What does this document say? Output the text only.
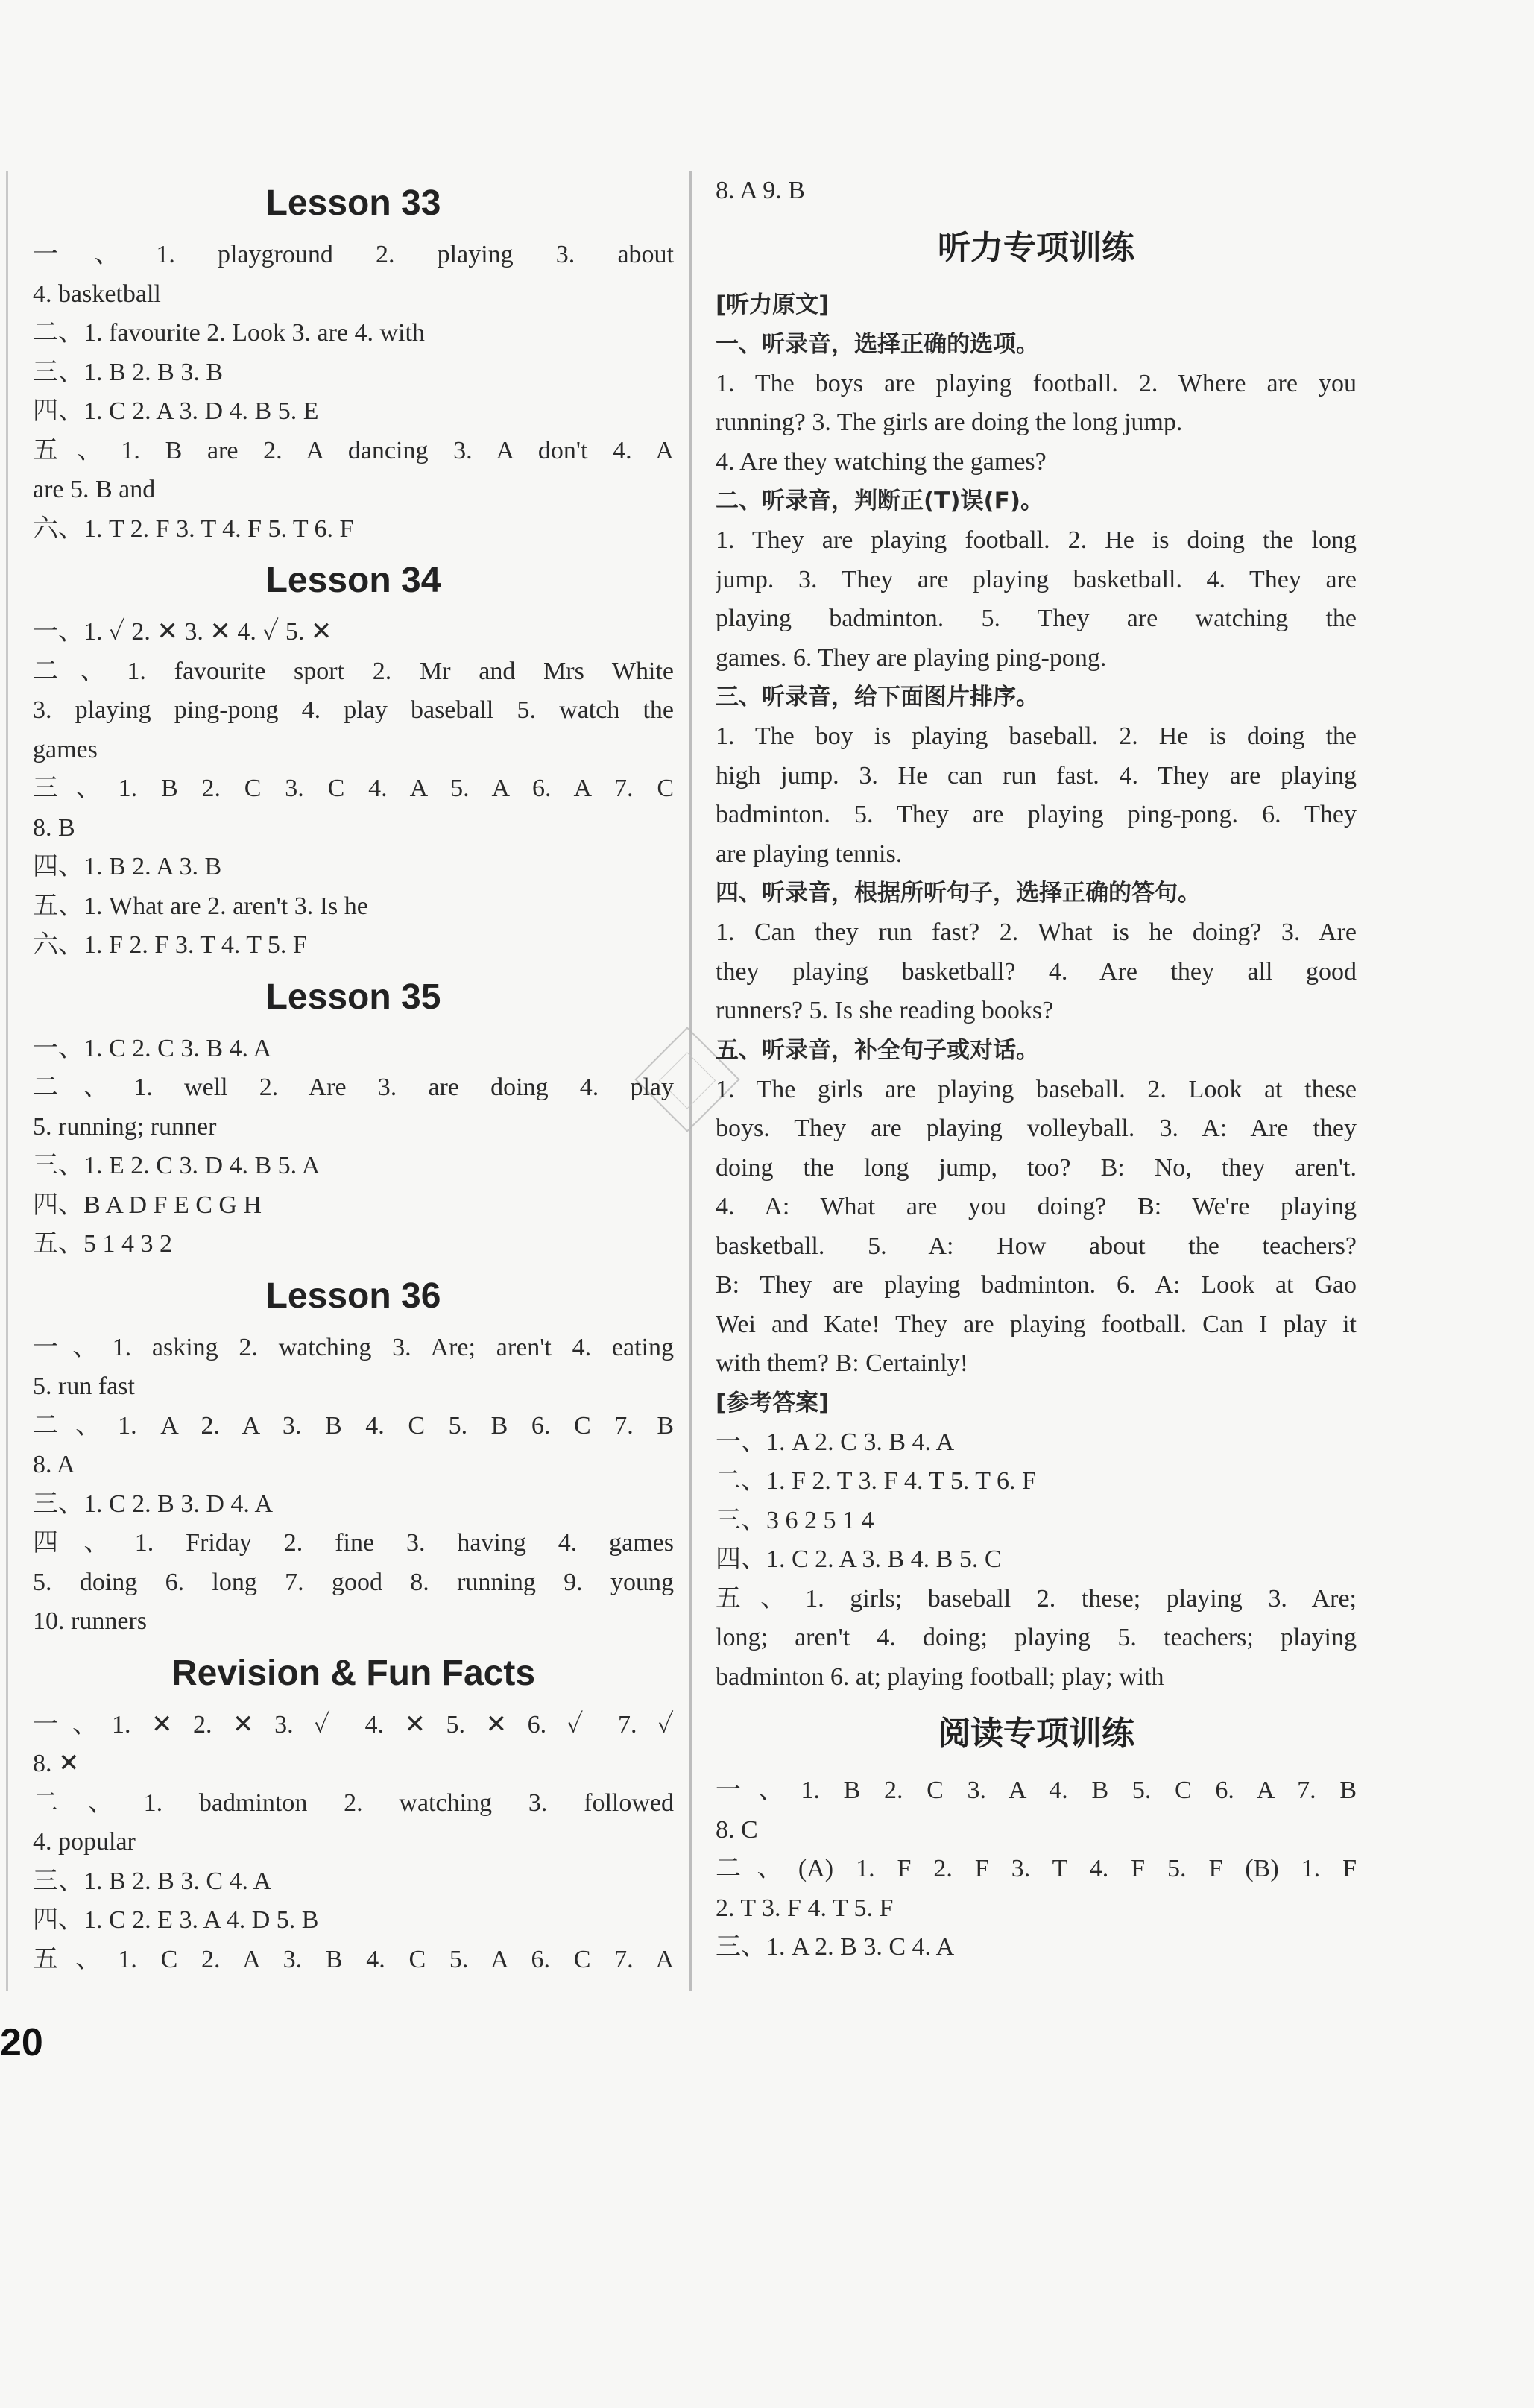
Lesson 33
一、1. playground 2. playing 3. about
4. basketball
二、1. favourite 2. Look 3. are 4. with
三、1. B 2. B 3. B
四、1. C 2. A 3. D 4. B 5. E
五、1. B are 2. A dancing 3. A don't 4. A
are 5. B and
六、1. T 2. F 3. T 4. F 5. T 6. F
Lesson 34
一、1. ✓ 2. ✕ 3. ✕ 4. ✓ 5. ✕
二、1. favourite sport 2. Mr and Mrs White
3. playing ping-pong 4. play baseball 5. watch the
games
三、1. B 2. C 3. C 4. A 5. A 6. A 7. C
8. B
四、1. B 2. A 3. B
五、1. What are 2. aren't 3. Is he
六、1. F 2. F 3. T 4. T 5. F
Lesson 35
一、1. C 2. C 3. B 4. A
二、1. well 2. Are 3. are doing 4. play
5. running; runner
三、1. E 2. C 3. D 4. B 5. A
四、B A D F E C G H
五、5 1 4 3 2
Lesson 36
一、1. asking 2. watching 3. Are; aren't 4. eating
5. run fast
二、1. A 2. A 3. B 4. C 5. B 6. C 7. B
8. A
三、1. C 2. B 3. D 4. A
四、1. Friday 2. fine 3. having 4. games
5. doing 6. long 7. good 8. running 9. young
10. runners
Revision & Fun Facts
一、1. ✕ 2. ✕ 3. ✓ 4. ✕ 5. ✕ 6. ✓ 7. ✓
8. ✕
二、1. badminton 2. watching 3. followed
4. popular
三、1. B 2. B 3. C 4. A
四、1. C 2. E 3. A 4. D 5. B
五、1. C 2. A 3. B 4. C 5. A 6. C 7. A
8. A 9. B
听力专项训练
[听力原文]
一、听录音，选择正确的选项。
1. The boys are playing football. 2. Where are you
running? 3. The girls are doing the long jump.
4. Are they watching the games?
二、听录音，判断正(T)误(F)。
1. They are playing football. 2. He is doing the long
jump. 3. They are playing basketball. 4. They are
playing badminton. 5. They are watching the
games. 6. They are playing ping-pong.
三、听录音，给下面图片排序。
1. The boy is playing baseball. 2. He is doing the
high jump. 3. He can run fast. 4. They are playing
badminton. 5. They are playing ping-pong. 6. They
are playing tennis.
四、听录音，根据所听句子，选择正确的答句。
1. Can they run fast? 2. What is he doing? 3. Are
they playing basketball? 4. Are they all good
runners? 5. Is she reading books?
五、听录音，补全句子或对话。
1. The girls are playing baseball. 2. Look at these
boys. They are playing volleyball. 3. A: Are they
doing the long jump, too? B: No, they aren't.
4. A: What are you doing? B: We're playing
basketball. 5. A: How about the teachers?
B: They are playing badminton. 6. A: Look at Gao
Wei and Kate! They are playing football. Can I play it
with them? B: Certainly!
[参考答案]
一、1. A 2. C 3. B 4. A
二、1. F 2. T 3. F 4. T 5. T 6. F
三、3 6 2 5 1 4
四、1. C 2. A 3. B 4. B 5. C
五、1. girls; baseball 2. these; playing 3. Are;
long; aren't 4. doing; playing 5. teachers; playing
badminton 6. at; playing football; play; with
阅读专项训练
一、1. B 2. C 3. A 4. B 5. C 6. A 7. B
8. C
二、(A) 1. F 2. F 3. T 4. F 5. F (B) 1. F
2. T 3. F 4. T 5. F
三、1. A 2. B 3. C 4. A
20
